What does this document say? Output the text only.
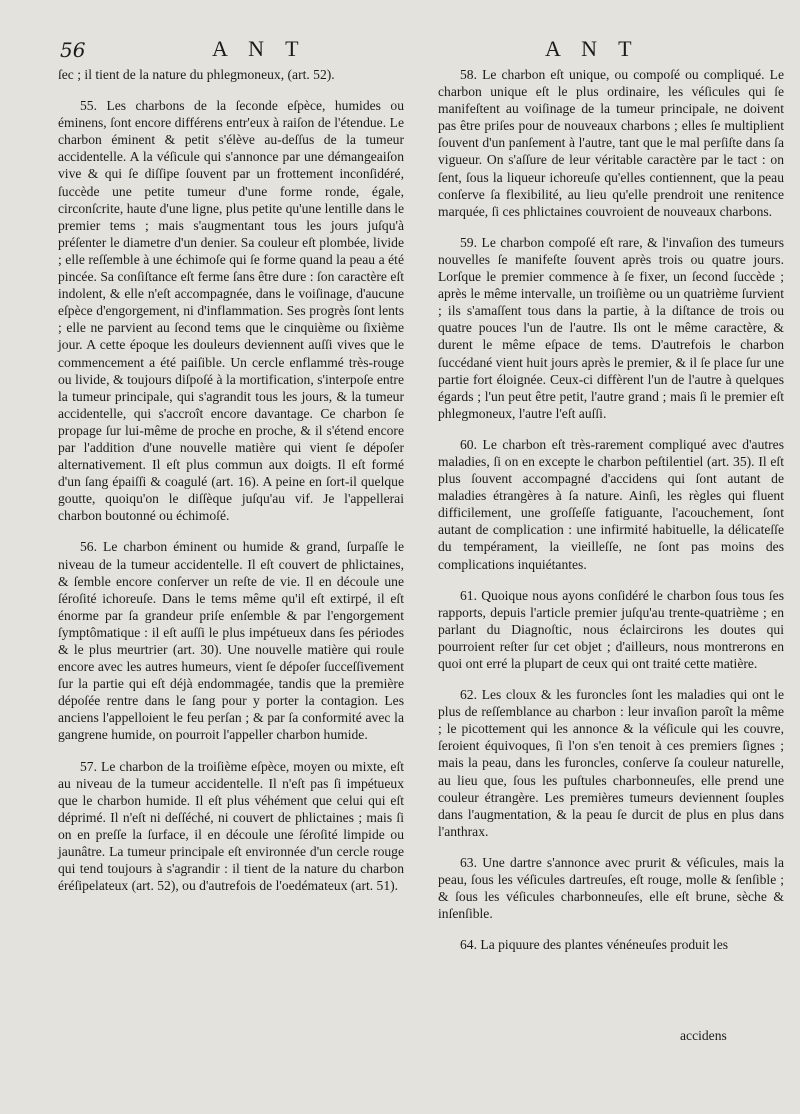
56	A N T	A N T

ſec ; il tient de la nature du phlegmoneux, (art. 52).

55. Les charbons de la ſeconde eſpèce, humides ou éminens, ſont encore différens entr'eux à raiſon de l'étendue. Le charbon éminent & petit s'élève au-deſſus de la tumeur accidentelle. A la véſicule qui s'annonce par une démangeaiſon vive & qui ſe diſſipe ſouvent par un frottement inconſidéré, ſuccède une petite tumeur d'une forme ronde, égale, circonſcrite, haute d'une ligne, plus petite qu'une lentille dans le premier tems ; mais s'augmentant tous les jours juſqu'à préſenter le diametre d'un denier. Sa couleur eſt plombée, livide ; elle reſſemble à une échimoſe qui ſe forme quand la peau a été pincée. Sa conſiſtance eſt ferme ſans être dure : ſon caractère eſt indolent, & elle n'eſt accompagnée, dans le voiſinage, d'aucune eſpèce d'engorgement, ni d'inflammation. Ses progrès ſont lents ; elle ne parvient au ſecond tems que le cinquième ou ſixième jour. A cette époque les douleurs deviennent auſſi vives que le commencement a été paiſible. Un cercle enflammé très-rouge ou livide, & toujours diſpoſé à la mortification, s'interpoſe entre la tumeur principale, qui s'agrandit tous les jours, & la tumeur accidentelle, qui s'accroît encore davantage. Ce charbon ſe propage ſur lui-même de proche en proche, & il s'étend encore par l'addition d'une nouvelle matière qui vient ſe dépoſer alternativement. Il eſt plus commun aux doigts. Il eſt formé d'un ſang épaiſſi & coagulé (art. 16). A peine en ſort-il quelque goutte, quoiqu'on le diſſèque juſqu'au vif. Je l'appellerai charbon boutonné ou échimoſé.

56. Le charbon éminent ou humide & grand, ſurpaſſe le niveau de la tumeur accidentelle. Il eſt couvert de phlictaines, & ſemble encore conſerver un reſte de vie. Il en découle une ſéroſité ichoreuſe. Dans le tems même qu'il eſt extirpé, il eſt énorme par ſa grandeur priſe enſemble & par l'engorgement ſymptômatique : il eſt auſſi le plus impétueux dans ſes périodes & le plus meurtrier (art. 30). Une nouvelle matière qui roule encore avec les autres humeurs, vient ſe dépoſer ſucceſſivement ſur la partie qui eſt déjà endommagée, tandis que la première dépoſée rentre dans le ſang pour y porter la contagion. Les anciens l'appelloient le feu perſan ; & par ſa conformité avec la gangrene humide, on pourroit l'appeller charbon humide.

57. Le charbon de la troiſième eſpèce, moyen ou mixte, eſt au niveau de la tumeur accidentelle. Il n'eſt pas ſi impétueux que le charbon humide. Il eſt plus véhément que celui qui eſt déprimé. Il n'eſt ni deſſéché, ni couvert de phlictaines ; mais ſi on en preſſe la ſurface, il en découle une ſéroſité limpide ou jaunâtre. La tumeur principale eſt environnée d'un cercle rouge qui tend toujours à s'agrandir : il tient de la nature du charbon éréſipelateux (art. 52), ou d'autrefois de l'oedémateux (art. 51).

58. Le charbon eſt unique, ou compoſé ou compliqué. Le charbon unique eſt le plus ordinaire, les véſicules qui ſe manifeſtent au voiſinage de la tumeur principale, ne doivent pas être priſes pour de nouveaux charbons ; elles ſe multiplient ſouvent d'un panſement à l'autre, tant que le mal perſiſte dans ſa vigueur. On s'aſſure de leur véritable caractère par le tact : on ſent, ſous la liqueur ichoreuſe qu'elles contiennent, que la peau conſerve ſa flexibilité, au lieu qu'elle prendroit une renitence marquée, ſi ces phlictaines couvroient de nouveaux charbons.

59. Le charbon compoſé eſt rare, & l'invaſion des tumeurs nouvelles ſe manifeſte ſouvent après trois ou quatre jours. Lorſque le premier commence à ſe fixer, un ſecond ſuccède ; après le même intervalle, un troiſième ou un quatrième ſurvient ; ils s'amaſſent tous dans la partie, à la diſtance de trois ou quatre pouces l'un de l'autre. Ils ont le même caractère, & durent le même eſpace de tems. D'autrefois le charbon ſuccédané vient huit jours après le premier, & il ſe place ſur une partie fort éloignée. Ceux-ci diffèrent l'un de l'autre à quelques égards ; l'un peut être petit, l'autre grand ; mais ſi le premier eſt phlegmoneux, l'autre l'eſt auſſi.

60. Le charbon eſt très-rarement compliqué avec d'autres maladies, ſi on en excepte le charbon peſtilentiel (art. 35). Il eſt plus ſouvent accompagné d'accidens qui ſont autant de maladies étrangères à ſa nature. Ainſi, les règles qui fluent difficilement, une groſſeſſe fatiguante, l'acouchement, ſont autant de complication : une infirmité habituelle, la délicateſſe du tempérament, la vieilleſſe, ne ſont pas moins des complications inquiétantes.

61. Quoique nous ayons conſidéré le charbon ſous tous ſes rapports, depuis l'article premier juſqu'au trente-quatrième ; en parlant du Diagnoſtic, nous éclaircirons les doutes qui pourroient reſter ſur cet objet ; d'ailleurs, nous montrerons en quoi ont erré la plupart de ceux qui ont traité cette matière.

62. Les cloux & les furoncles ſont les maladies qui ont le plus de reſſemblance au charbon : leur invaſion paroît la même ; le picottement qui les annonce & la véſicule qui les couvre, ſeroient équivoques, ſi l'on s'en tenoit à ces premiers ſignes ; mais la peau, dans les furoncles, conſerve ſa couleur naturelle, au lieu que, ſous les puſtules charbonneuſes, elle prend une couleur étrangère. Les premières tumeurs deviennent ſouples dans l'augmentation, & la peau ſe durcit de plus en plus dans l'anthrax.

63. Une dartre s'annonce avec prurit & véſicules, mais la peau, ſous les véſicules dartreuſes, eſt rouge, molle & ſenſible ; & ſous les véſicules charbonneuſes, elle eſt brune, sèche & inſenſible.

64. La piquure des plantes vénéneuſes produit les

accidens
